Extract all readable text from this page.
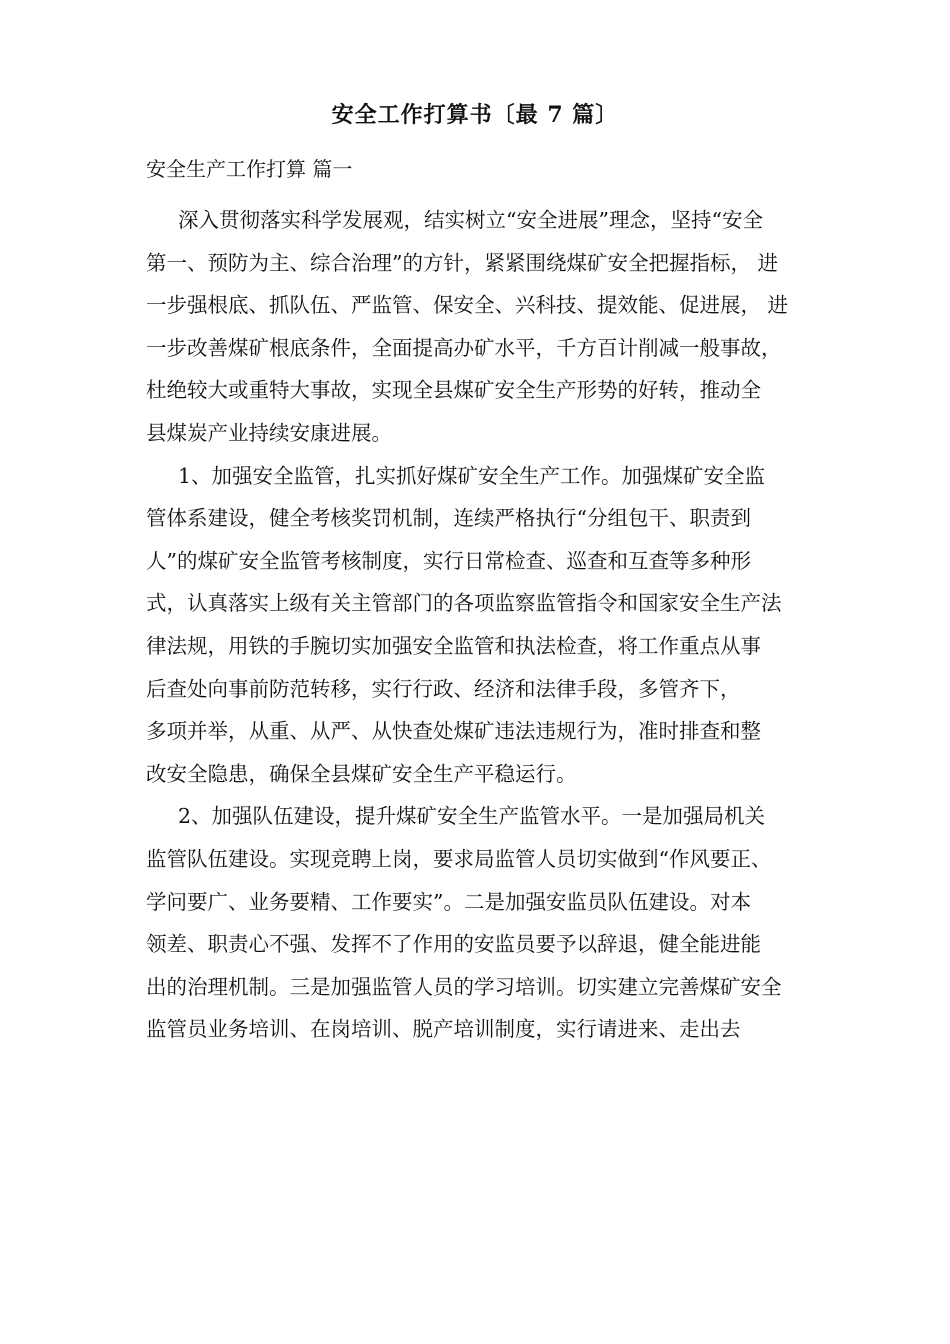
安全工作打算书〔最 7 篇〕
安全生产工作打算 篇一
深入贯彻落实科学发展观，结实树立“安全进展”理念，坚持“安全
第一、预防为主、综合治理”的方针，紧紧围绕煤矿安全把握指标， 进
一步强根底、抓队伍、严监管、保安全、兴科技、提效能、促进展， 进
一步改善煤矿根底条件，全面提高办矿水平，千方百计削减一般事故，
杜绝较大或重特大事故，实现全县煤矿安全生产形势的好转，推动全
县煤炭产业持续安康进展。
1、加强安全监管，扎实抓好煤矿安全生产工作。加强煤矿安全监
管体系建设，健全考核奖罚机制，连续严格执行“分组包干、职责到
人”的煤矿安全监管考核制度，实行日常检查、巡查和互查等多种形
式，认真落实上级有关主管部门的各项监察监管指令和国家安全生产法
律法规，用铁的手腕切实加强安全监管和执法检查，将工作重点从事
后查处向事前防范转移，实行行政、经济和法律手段，多管齐下，
多项并举，从重、从严、从快查处煤矿违法违规行为，准时排查和整
改安全隐患，确保全县煤矿安全生产平稳运行。
2、加强队伍建设，提升煤矿安全生产监管水平。一是加强局机关
监管队伍建设。实现竞聘上岗，要求局监管人员切实做到“作风要正、
学问要广、业务要精、工作要实”。二是加强安监员队伍建设。对本
领差、职责心不强、发挥不了作用的安监员要予以辞退，健全能进能
出的治理机制。三是加强监管人员的学习培训。切实建立完善煤矿安全
监管员业务培训、在岗培训、脱产培训制度，实行请进来、走出去
